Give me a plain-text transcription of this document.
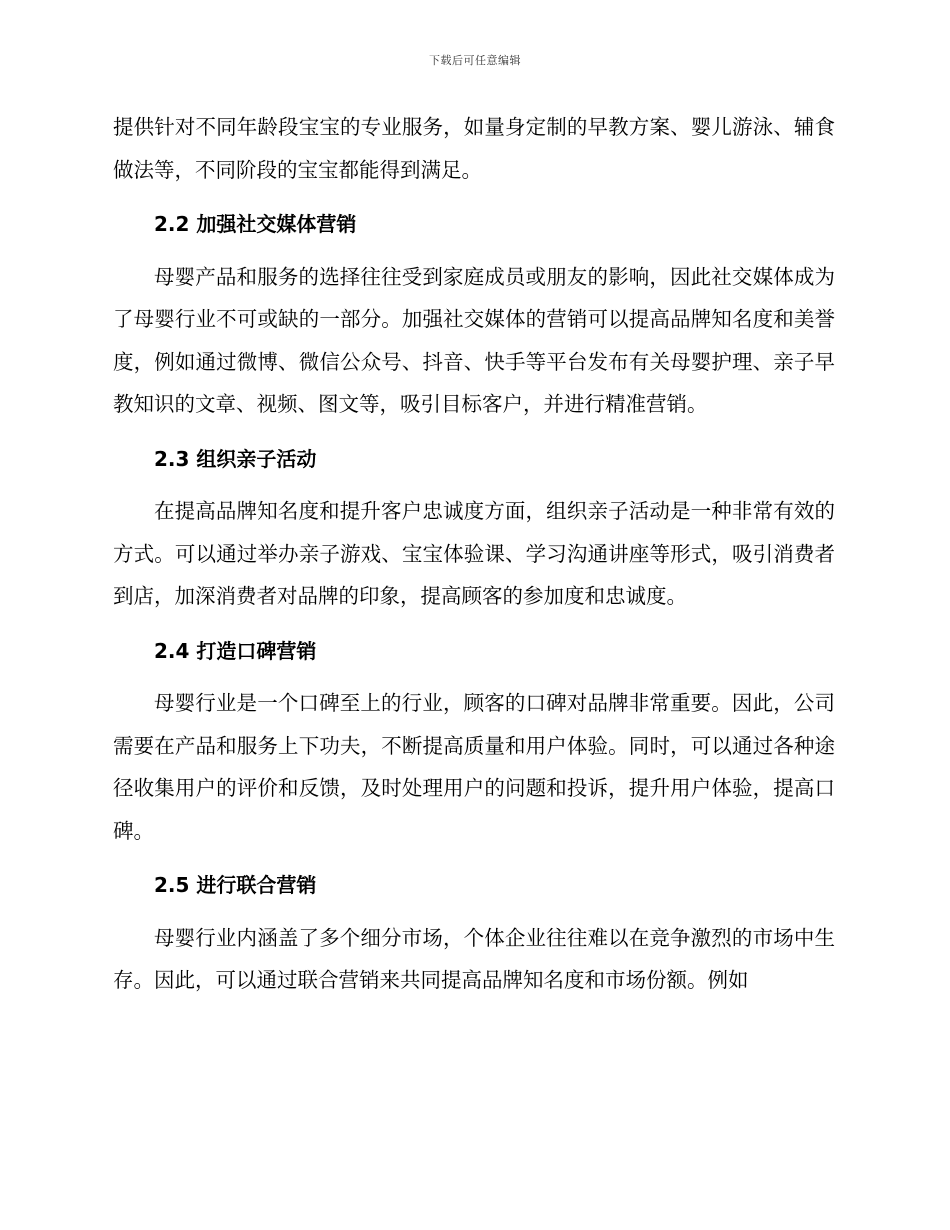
下载后可任意编辑

提供针对不同年龄段宝宝的专业服务，如量身定制的早教方案、婴儿游泳、辅食做法等，不同阶段的宝宝都能得到满足。

2.2 加强社交媒体营销

母婴产品和服务的选择往往受到家庭成员或朋友的影响，因此社交媒体成为了母婴行业不可或缺的一部分。加强社交媒体的营销可以提高品牌知名度和美誉度，例如通过微博、微信公众号、抖音、快手等平台发布有关母婴护理、亲子早教知识的文章、视频、图文等，吸引目标客户，并进行精准营销。

2.3 组织亲子活动

在提高品牌知名度和提升客户忠诚度方面，组织亲子活动是一种非常有效的方式。可以通过举办亲子游戏、宝宝体验课、学习沟通讲座等形式，吸引消费者到店，加深消费者对品牌的印象，提高顾客的参加度和忠诚度。

2.4 打造口碑营销

母婴行业是一个口碑至上的行业，顾客的口碑对品牌非常重要。因此，公司需要在产品和服务上下功夫，不断提高质量和用户体验。同时，可以通过各种途径收集用户的评价和反馈，及时处理用户的问题和投诉，提升用户体验，提高口碑。

2.5 进行联合营销

母婴行业内涵盖了多个细分市场，个体企业往往难以在竞争激烈的市场中生存。因此，可以通过联合营销来共同提高品牌知名度和市场份额。例如
